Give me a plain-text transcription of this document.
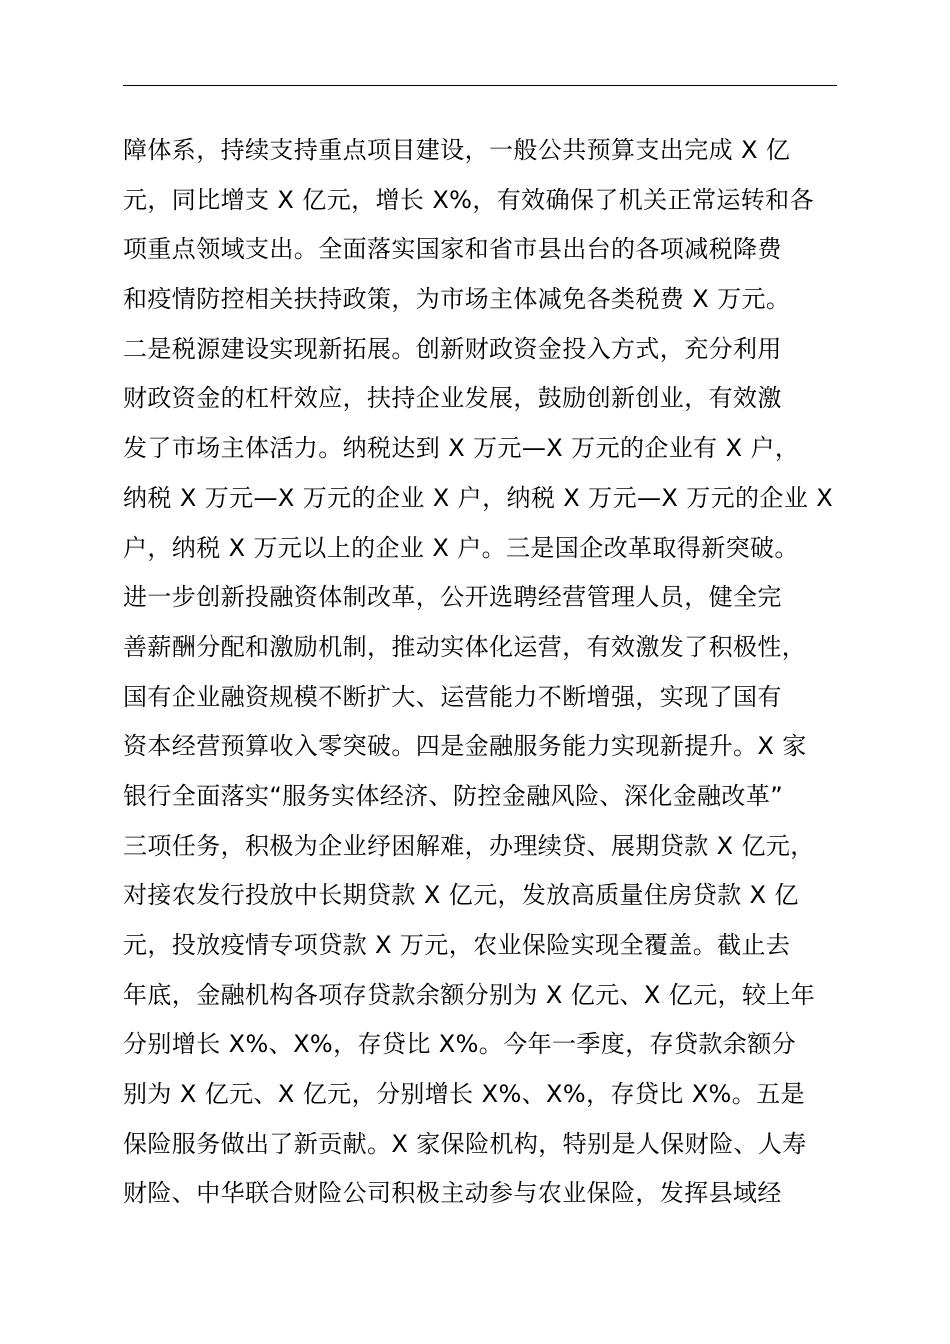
障体系，持续支持重点项目建设，一般公共预算支出完成 X 亿
元，同比增支 X 亿元，增长 X%，有效确保了机关正常运转和各
项重点领域支出。全面落实国家和省市县出台的各项减税降费
和疫情防控相关扶持政策，为市场主体减免各类税费 X 万元。
二是税源建设实现新拓展。创新财政资金投入方式，充分利用
财政资金的杠杆效应，扶持企业发展，鼓励创新创业，有效激
发了市场主体活力。纳税达到 X 万元—X 万元的企业有 X 户，
纳税 X 万元—X 万元的企业 X 户，纳税 X 万元—X 万元的企业 X
户，纳税 X 万元以上的企业 X 户。三是国企改革取得新突破。
进一步创新投融资体制改革，公开选聘经营管理人员，健全完
善薪酬分配和激励机制，推动实体化运营，有效激发了积极性，
国有企业融资规模不断扩大、运营能力不断增强，实现了国有
资本经营预算收入零突破。四是金融服务能力实现新提升。X 家
银行全面落实“服务实体经济、防控金融风险、深化金融改革”
三项任务，积极为企业纾困解难，办理续贷、展期贷款 X 亿元，
对接农发行投放中长期贷款 X 亿元，发放高质量住房贷款 X 亿
元，投放疫情专项贷款 X 万元，农业保险实现全覆盖。截止去
年底，金融机构各项存贷款余额分别为 X 亿元、X 亿元，较上年
分别增长 X%、X%，存贷比 X%。今年一季度，存贷款余额分
别为 X 亿元、X 亿元，分别增长 X%、X%，存贷比 X%。五是
保险服务做出了新贡献。X 家保险机构，特别是人保财险、人寿
财险、中华联合财险公司积极主动参与农业保险，发挥县域经
